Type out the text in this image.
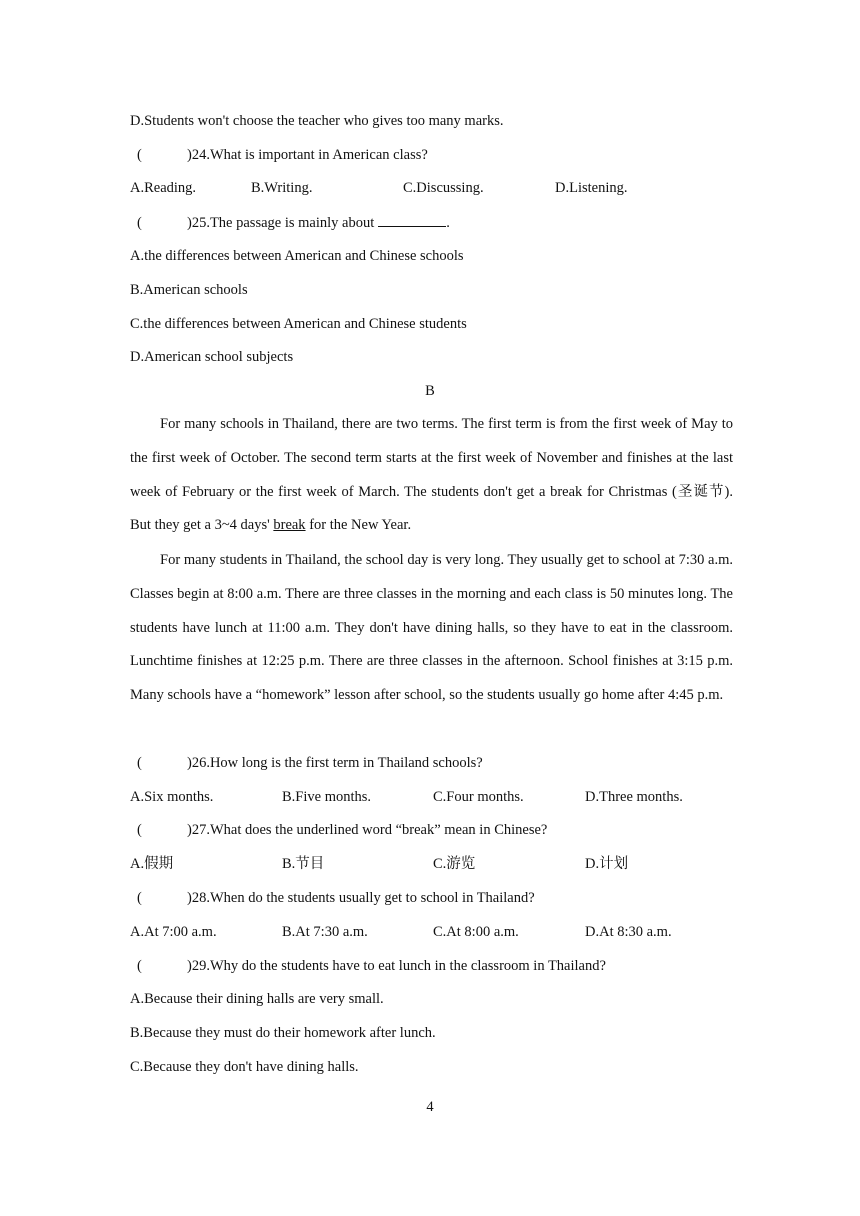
D.Students won't choose the teacher who gives too many marks.
(	)24.What is important in American class?
A.Reading.	B.Writing.	C.Discussing.	D.Listening.
(	)25.The passage is mainly about	.
A.the differences between American and Chinese schools
B.American schools
C.the differences between American and Chinese students
D.American school subjects
B
For many schools in Thailand, there are two terms. The first term is from the first week of May to the first week of October. The second term starts at the first week of November and finishes at the last week of February or the first week of March. The students don't get a break for Christmas (圣诞节). But they get a 3~4 days' break for the New Year.
For many students in Thailand, the school day is very long. They usually get to school at 7:30 a.m. Classes begin at 8:00 a.m. There are three classes in the morning and each class is 50 minutes long. The students have lunch at 11:00 a.m. They don't have dining halls, so they have to eat in the classroom. Lunchtime finishes at 12:25 p.m. There are three classes in the afternoon. School finishes at 3:15 p.m. Many schools have a “homework” lesson after school, so the students usually go home after 4:45 p.m.
(	)26.How long is the first term in Thailand schools?
A.Six months.	B.Five months.	C.Four months.	D.Three months.
(	)27.What does the underlined word “break” mean in Chinese?
A.假期	B.节目	C.游览	D.计划
(	)28.When do the students usually get to school in Thailand?
A.At 7:00 a.m.	B.At 7:30 a.m.	C.At 8:00 a.m.	D.At 8:30 a.m.
(	)29.Why do the students have to eat lunch in the classroom in Thailand?
A.Because their dining halls are very small.
B.Because they must do their homework after lunch.
C.Because they don't have dining halls.
4
